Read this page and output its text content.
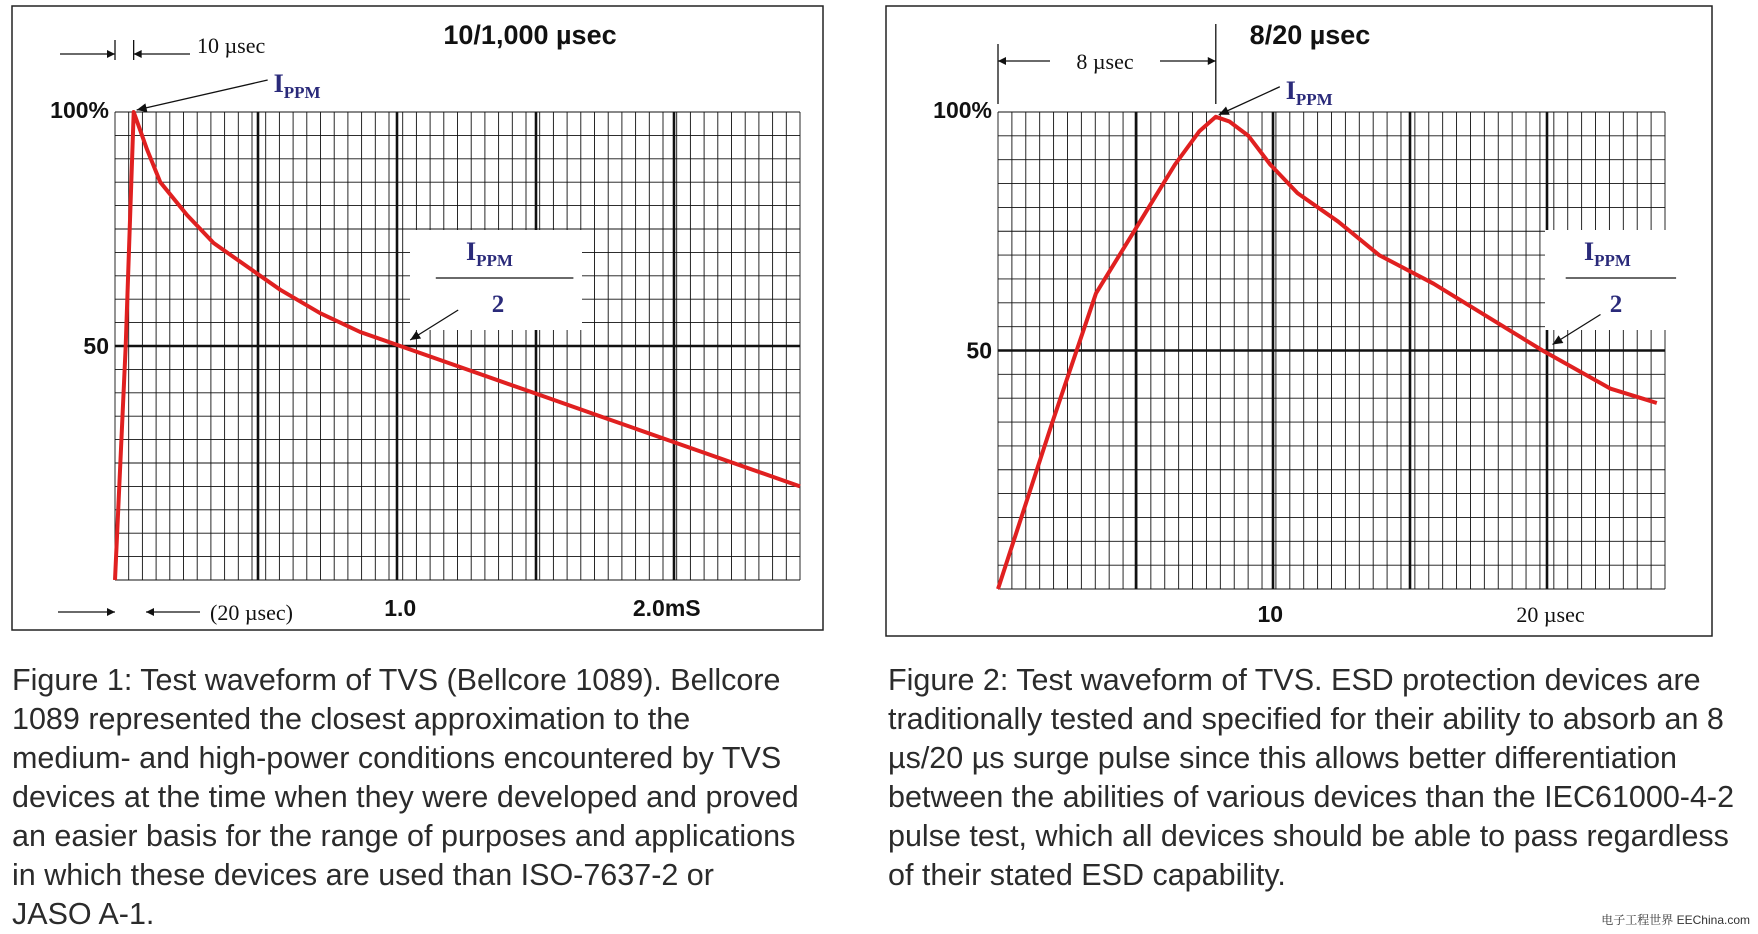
10/1,000 µsec
100%
50
1.0	2.0mS
10 µsec
(20 µsec)
$I_{PPM}$
$I_{PPM}$
2
8/20 µsec
100%
50
10	20 µsec
8 µsec
$I_{PPM}$
$I_{PPM}$
2

Figure 1: Test waveform of TVS (Bellcore 1089). Bellcore 1089 represented the closest approximation to the medium- and high-power conditions encountered by TVS devices at the time when they were developed and proved an easier basis for the range of purposes and applications in which these devices are used than ISO-7637-2 or JASO A-1.

Figure 2: Test waveform of TVS. ESD protection devices are traditionally tested and specified for their ability to absorb an 8 µs/20 µs surge pulse since this allows better differentiation between the abilities of various devices than the IEC61000-4-2 pulse test, which all devices should be able to pass regardless of their stated ESD capability.

电子工程世界 EEChina.com
